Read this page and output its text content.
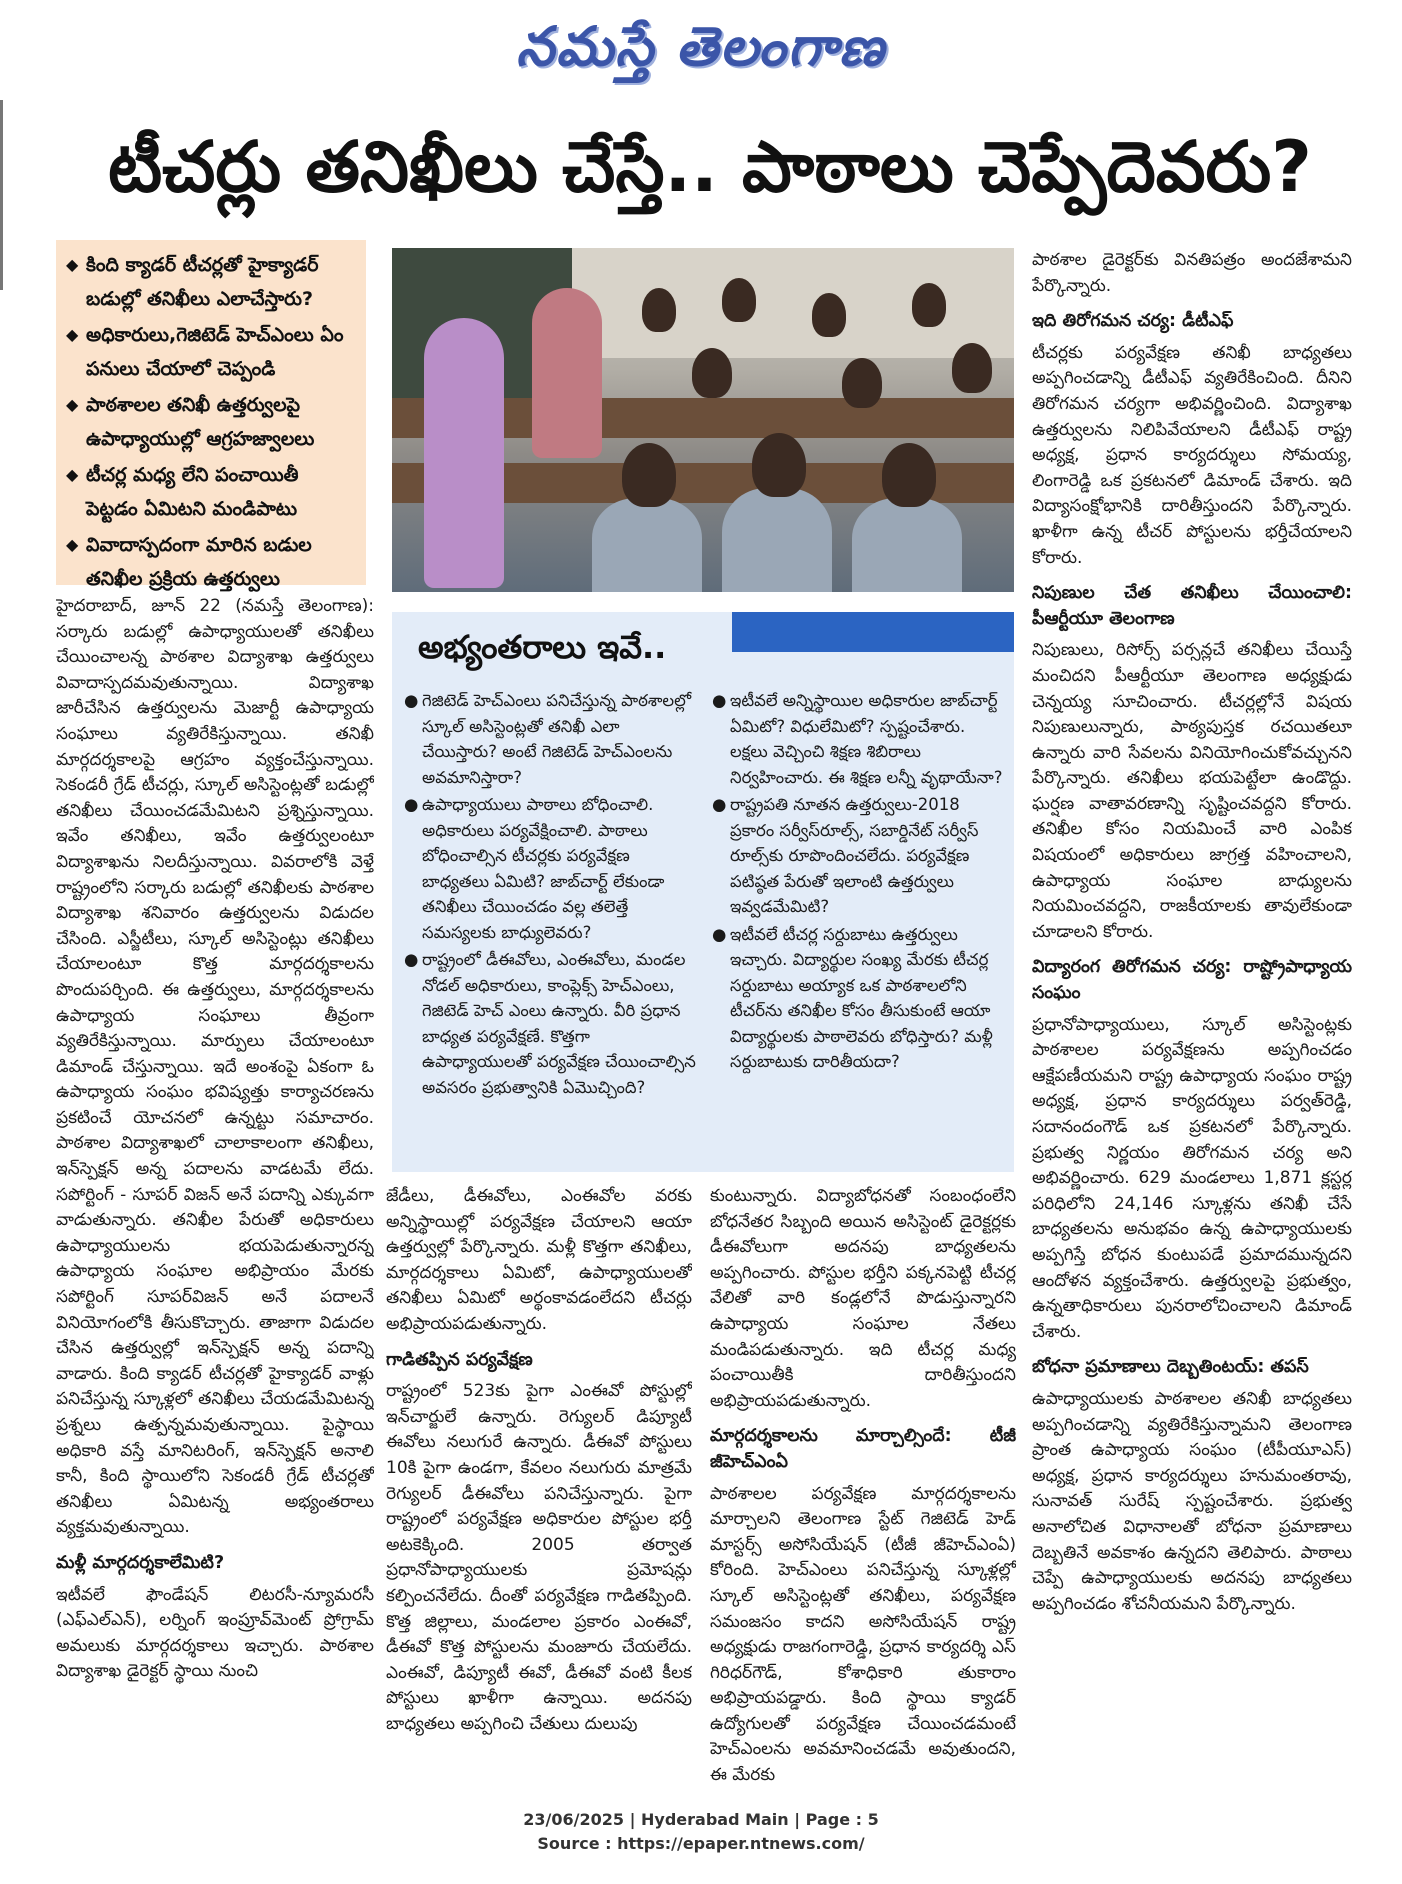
నమస్తే తెలంగాణ
టీచర్లు తనిఖీలు చేస్తే.. పాఠాలు చెప్పేదెవరు?
◆ కింది క్యాడర్ టీచర్లతో హైక్యాడర్ బడుల్లో తనిఖీలు ఎలాచేస్తారు?
◆ అధికారులు,గెజిటెడ్ హెచ్‌ఎంలు ఏం పనులు చేయాలో చెప్పండి
◆ పాఠశాలల తనిఖీ ఉత్తర్వులపై ఉపాధ్యాయుల్లో ఆగ్రహజ్వాలలు
◆ టీచర్ల మధ్య లేని పంచాయితీ పెట్టడం ఏమిటని మండిపాటు
◆ వివాదాస్పదంగా మారిన బడుల తనిఖీల ప్రక్రియ ఉత్తర్వులు
అభ్యంతరాలు ఇవే..
● గెజిటెడ్ హెచ్‌ఎంలు పనిచేస్తున్న పాఠశాలల్లో స్కూల్ అసిస్టెంట్లతో తనిఖీ ఎలా చేయిస్తారు? అంటే గెజిటెడ్ హెచ్‌ఎంలను అవమానిస్తారా?
● ఉపాధ్యాయులు పాఠాలు బోధించాలి. అధికారులు పర్యవేక్షించాలి. పాఠాలు బోధించాల్సిన టీచర్లకు పర్యవేక్షణ బాధ్యతలు ఏమిటి? జాబ్‌చార్ట్ లేకుండా తనిఖీలు చేయించడం వల్ల తలెత్తే సమస్యలకు బాధ్యులెవరు?
● రాష్ట్రంలో డీఈవోలు, ఎంఈవోలు, మండల నోడల్ అధికారులు, కాంప్లెక్స్ హెచ్‌ఎంలు, గెజిటెడ్ హెచ్ ఎంలు ఉన్నారు. వీరి ప్రధాన బాధ్యత పర్యవేక్షణే. కొత్తగా ఉపాధ్యాయులతో పర్యవేక్షణ చేయించాల్సిన అవసరం ప్రభుత్వానికి ఏమొచ్చింది?
● ఇటీవలే అన్నిస్థాయిల అధికారుల జాబ్‌చార్ట్ ఏమిటో? విధులేమిటో? స్పష్టంచేశారు. లక్షలు వెచ్చించి శిక్షణ శిబిరాలు నిర్వహించారు. ఈ శిక్షణ లన్నీ వృథాయేనా?
● రాష్ట్రపతి నూతన ఉత్తర్వులు-2018 ప్రకారం సర్వీస్‌రూల్స్, సబార్డినేట్ సర్వీస్ రూల్స్‌కు రూపొందించలేదు. పర్యవేక్షణ పటిష్ఠత పేరుతో ఇలాంటి ఉత్తర్వులు ఇవ్వడమేమిటి?
● ఇటీవలే టీచర్ల సర్దుబాటు ఉత్తర్వులు ఇచ్చారు. విద్యార్థుల సంఖ్య మేరకు టీచర్ల సర్దుబాటు అయ్యాక ఒక పాఠశాలలోని టీచర్‌ను తనిఖీల కోసం తీసుకుంటే ఆయా విద్యార్థులకు పాఠాలెవరు బోధిస్తారు? మళ్లీ సర్దుబాటుకు దారితీయదా?

హైదరాబాద్, జూన్ 22 (నమస్తే తెలంగాణ): సర్కారు బడుల్లో ఉపాధ్యాయులతో తనిఖీలు చేయించాలన్న పాఠశాల విద్యాశాఖ ఉత్తర్వులు వివాదాస్పదమవుతున్నాయి. విద్యాశాఖ జారీచేసిన ఉత్తర్వులను మెజార్టీ ఉపాధ్యాయ సంఘాలు వ్యతిరేకిస్తున్నాయి. తనిఖీ మార్గదర్శకాలపై ఆగ్రహం వ్యక్తంచేస్తున్నాయి. సెకండరీ గ్రేడ్ టీచర్లు, స్కూల్ అసిస్టెంట్లతో బడుల్లో తనిఖీలు చేయించడమేమిటని ప్రశ్నిస్తున్నాయి. ఇవేం తనిఖీలు, ఇవేం ఉత్తర్వులంటూ విద్యాశాఖను నిలదీస్తున్నాయి. వివరాలోకి వెళ్తే రాష్ట్రంలోని సర్కారు బడుల్లో తనిఖీలకు పాఠశాల విద్యాశాఖ శనివారం ఉత్తర్వులను విడుదల చేసింది. ఎస్జీటీలు, స్కూల్ అసిస్టెంట్లు తనిఖీలు చేయాలంటూ కొత్త మార్గదర్శకాలను పొందుపర్చింది. ఈ ఉత్తర్వులు, మార్గదర్శకాలను ఉపాధ్యాయ సంఘాలు తీవ్రంగా వ్యతిరేకిస్తున్నాయి. మార్పులు చేయాలంటూ డిమాండ్ చేస్తున్నాయి. ఇదే అంశంపై ఏకంగా ఓ ఉపాధ్యాయ సంఘం భవిష్యత్తు కార్యాచరణను ప్రకటించే యోచనలో ఉన్నట్టు సమాచారం. పాఠశాల విద్యాశాఖలో చాలాకాలంగా తనిఖీలు, ఇన్‌స్పెక్షన్ అన్న పదాలను వాడటమే లేదు. సపోర్టింగ్ - సూపర్ విజన్ అనే పదాన్ని ఎక్కువగా వాడుతున్నారు. తనిఖీల పేరుతో అధికారులు ఉపాధ్యాయులను భయపెడుతున్నారన్న ఉపాధ్యాయ సంఘాల అభిప్రాయం మేరకు సపోర్టింగ్ సూపర్‌విజన్ అనే పదాలనే వినియోగంలోకి తీసుకొచ్చారు. తాజాగా విడుదల చేసిన ఉత్తర్వుల్లో ఇన్‌స్పెక్షన్ అన్న పదాన్ని వాడారు. కింది క్యాడర్ టీచర్లతో హైక్యాడర్ వాళ్లు పనిచేస్తున్న స్కూళ్లలో తనిఖీలు చేయడమేమిటన్న ప్రశ్నలు ఉత్పన్నమవుతున్నాయి. పైస్థాయి అధికారి వస్తే మానిటరింగ్, ఇన్‌స్పెక్షన్ అనాలి కానీ, కింది స్థాయిలోని సెకండరీ గ్రేడ్ టీచర్లతో తనిఖీలు ఏమిటన్న అభ్యంతరాలు వ్యక్తమవుతున్నాయి.

మళ్లీ మార్గదర్శకాలేమిటి?

ఇటీవలే ఫౌండేషన్ లిటరసీ-న్యూమరసీ (ఎఫ్‌ఎల్‌ఎన్), లర్నింగ్ ఇంప్రూవ్‌మెంట్ ప్రోగ్రామ్ అమలుకు మార్గదర్శకాలు ఇచ్చారు. పాఠశాల విద్యాశాఖ డైరెక్టర్ స్థాయి నుంచి

జేడీలు, డీఈవోలు, ఎంఈవోల వరకు అన్నిస్థాయిల్లో పర్యవేక్షణ చేయాలని ఆయా ఉత్తర్వుల్లో పేర్కొన్నారు. మళ్లీ కొత్తగా తనిఖీలు, మార్గదర్శకాలు ఏమిటో, ఉపాధ్యాయులతో తనిఖీలు ఏమిటో అర్థంకావడంలేదని టీచర్లు అభిప్రాయపడుతున్నారు.

గాడితప్పిన పర్యవేక్షణ

రాష్ట్రంలో 523కు పైగా ఎంఈవో పోస్టుల్లో ఇన్‌చార్జులే ఉన్నారు. రెగ్యులర్ డిప్యూటీ ఈవోలు నలుగురే ఉన్నారు. డీఈవో పోస్టులు 10కి పైగా ఉండగా, కేవలం నలుగురు మాత్రమే రెగ్యులర్ డీఈవోలు పనిచేస్తున్నారు. పైగా రాష్ట్రంలో పర్యవేక్షణ అధికారుల పోస్టుల భర్తీ అటకెక్కింది. 2005 తర్వాత ప్రధానోపాధ్యాయులకు ప్రమోషన్లు కల్పించనేలేదు. దీంతో పర్యవేక్షణ గాడితప్పింది. కొత్త జిల్లాలు, మండలాల ప్రకారం ఎంఈవో, డీఈవో కొత్త పోస్టులను మంజూరు చేయలేదు. ఎంఈవో, డిప్యూటీ ఈవో, డీఈవో వంటి కీలక పోస్టులు ఖాళీగా ఉన్నాయి. అదనపు బాధ్యతలు అప్పగించి చేతులు దులుపు

కుంటున్నారు. విద్యాబోధనతో సంబంధంలేని బోధనేతర సిబ్బంది అయిన అసిస్టెంట్ డైరెక్టర్లకు డీఈవోలుగా అదనపు బాధ్యతలను అప్పగించారు. పోస్టుల భర్తీని పక్కనపెట్టి టీచర్ల వేలితో వారి కండ్లలోనే పొడుస్తున్నారని ఉపాధ్యాయ సంఘాల నేతలు మండిపడుతున్నారు. ఇది టీచర్ల మధ్య పంచాయితీకి దారితీస్తుందని అభిప్రాయపడుతున్నారు.

మార్గదర్శకాలను మార్చాల్సిందే: టీజీ జీహెచ్‌ఎంఏ

పాఠశాలల పర్యవేక్షణ మార్గదర్శకాలను మార్చాలని తెలంగాణ స్టేట్ గెజిటెడ్ హెడ్ మాస్టర్స్ అసోసియేషన్ (టీజీ జీహెచ్‌ఎంఏ) కోరింది. హెచ్‌ఎంలు పనిచేస్తున్న స్కూళ్లల్లో స్కూల్ అసిస్టెంట్లతో తనిఖీలు, పర్యవేక్షణ సమంజసం కాదని అసోసియేషన్ రాష్ట్ర అధ్యక్షుడు రాజగంగారెడ్డి, ప్రధాన కార్యదర్శి ఎస్ గిరిధర్‌గౌడ్, కోశాధికారి తుకారాం అభిప్రాయపడ్డారు. కింది స్థాయి క్యాడర్ ఉద్యోగులతో పర్యవేక్షణ చేయించడమంటే హెచ్‌ఎంలను అవమానించడమే అవుతుందని, ఈ మేరకు

పాఠశాల డైరెక్టర్‌కు వినతిపత్రం అందజేశామని పేర్కొన్నారు.

ఇది తిరోగమన చర్య: డీటీఎఫ్

టీచర్లకు పర్యవేక్షణ తనిఖీ బాధ్యతలు అప్పగించడాన్ని డీటీఎఫ్ వ్యతిరేకించింది. దీనిని తిరోగమన చర్యగా అభివర్ణించింది. విద్యాశాఖ ఉత్తర్వులను నిలిపివేయాలని డీటీఎఫ్ రాష్ట్ర అధ్యక్ష, ప్రధాన కార్యదర్శులు సోమయ్య, లింగారెడ్డి ఒక ప్రకటనలో డిమాండ్ చేశారు. ఇది విద్యాసంక్షోభానికి దారితీస్తుందని పేర్కొన్నారు. ఖాళీగా ఉన్న టీచర్ పోస్టులను భర్తీచేయాలని కోరారు.

నిపుణుల చేత తనిఖీలు చేయించాలి: పీఆర్టీయూ తెలంగాణ

నిపుణులు, రిసోర్స్ పర్సన్లచే తనిఖీలు చేయిస్తే మంచిదని పీఆర్టీయూ తెలంగాణ అధ్యక్షుడు చెన్నయ్య సూచించారు. టీచర్లల్లోనే విషయ నిపుణులున్నారు, పాఠ్యపుస్తక రచయితలూ ఉన్నారు వారి సేవలను వినియోగించుకోవచ్చునని పేర్కొన్నారు. తనిఖీలు భయపెట్టేలా ఉండొద్దు. ఘర్షణ వాతావరణాన్ని సృష్టించవద్దని కోరారు. తనిఖీల కోసం నియమించే వారి ఎంపిక విషయంలో అధికారులు జాగ్రత్త వహించాలని, ఉపాధ్యాయ సంఘాల బాధ్యులను నియమించవద్దని, రాజకీయాలకు తావులేకుండా చూడాలని కోరారు.

విద్యారంగ తిరోగమన చర్య: రాష్ట్రోపాధ్యాయ సంఘం

ప్రధానోపాధ్యాయులు, స్కూల్ అసిస్టెంట్లకు పాఠశాలల పర్యవేక్షణను అప్పగించడం ఆక్షేపణీయమని రాష్ట్ర ఉపాధ్యాయ సంఘం రాష్ట్ర అధ్యక్ష, ప్రధాన కార్యదర్శులు పర్వత్‌రెడ్డి, సదానందంగౌడ్ ఒక ప్రకటనలో పేర్కొన్నారు. ప్రభుత్వ నిర్ణయం తిరోగమన చర్య అని అభివర్ణించారు. 629 మండలాలు 1,871 క్లస్టర్ల పరిధిలోని 24,146 స్కూళ్లను తనిఖీ చేసే బాధ్యతలను అనుభవం ఉన్న ఉపాధ్యాయులకు అప్పగిస్తే బోధన కుంటుపడే ప్రమాదమున్నదని ఆందోళన వ్యక్తంచేశారు. ఉత్తర్వులపై ప్రభుత్వం, ఉన్నతాధికారులు పునరాలోచించాలని డిమాండ్ చేశారు.

బోధనా ప్రమాణాలు దెబ్బతింటయ్: తపస్

ఉపాధ్యాయులకు పాఠశాలల తనిఖీ బాధ్యతలు అప్పగించడాన్ని వ్యతిరేకిస్తున్నామని తెలంగాణ ప్రాంత ఉపాధ్యాయ సంఘం (టీపీయూఎస్) అధ్యక్ష, ప్రధాన కార్యదర్శులు హనుమంతరావు, సునావత్ సురేష్ స్పష్టంచేశారు. ప్రభుత్వ అనాలోచిత విధానాలతో బోధనా ప్రమాణాలు దెబ్బతినే అవకాశం ఉన్నదని తెలిపారు. పాఠాలు చెప్పే ఉపాధ్యాయులకు అదనపు బాధ్యతలు అప్పగించడం శోచనీయమని పేర్కొన్నారు.

23/06/2025 | Hyderabad Main | Page : 5
Source : https://epaper.ntnews.com/
